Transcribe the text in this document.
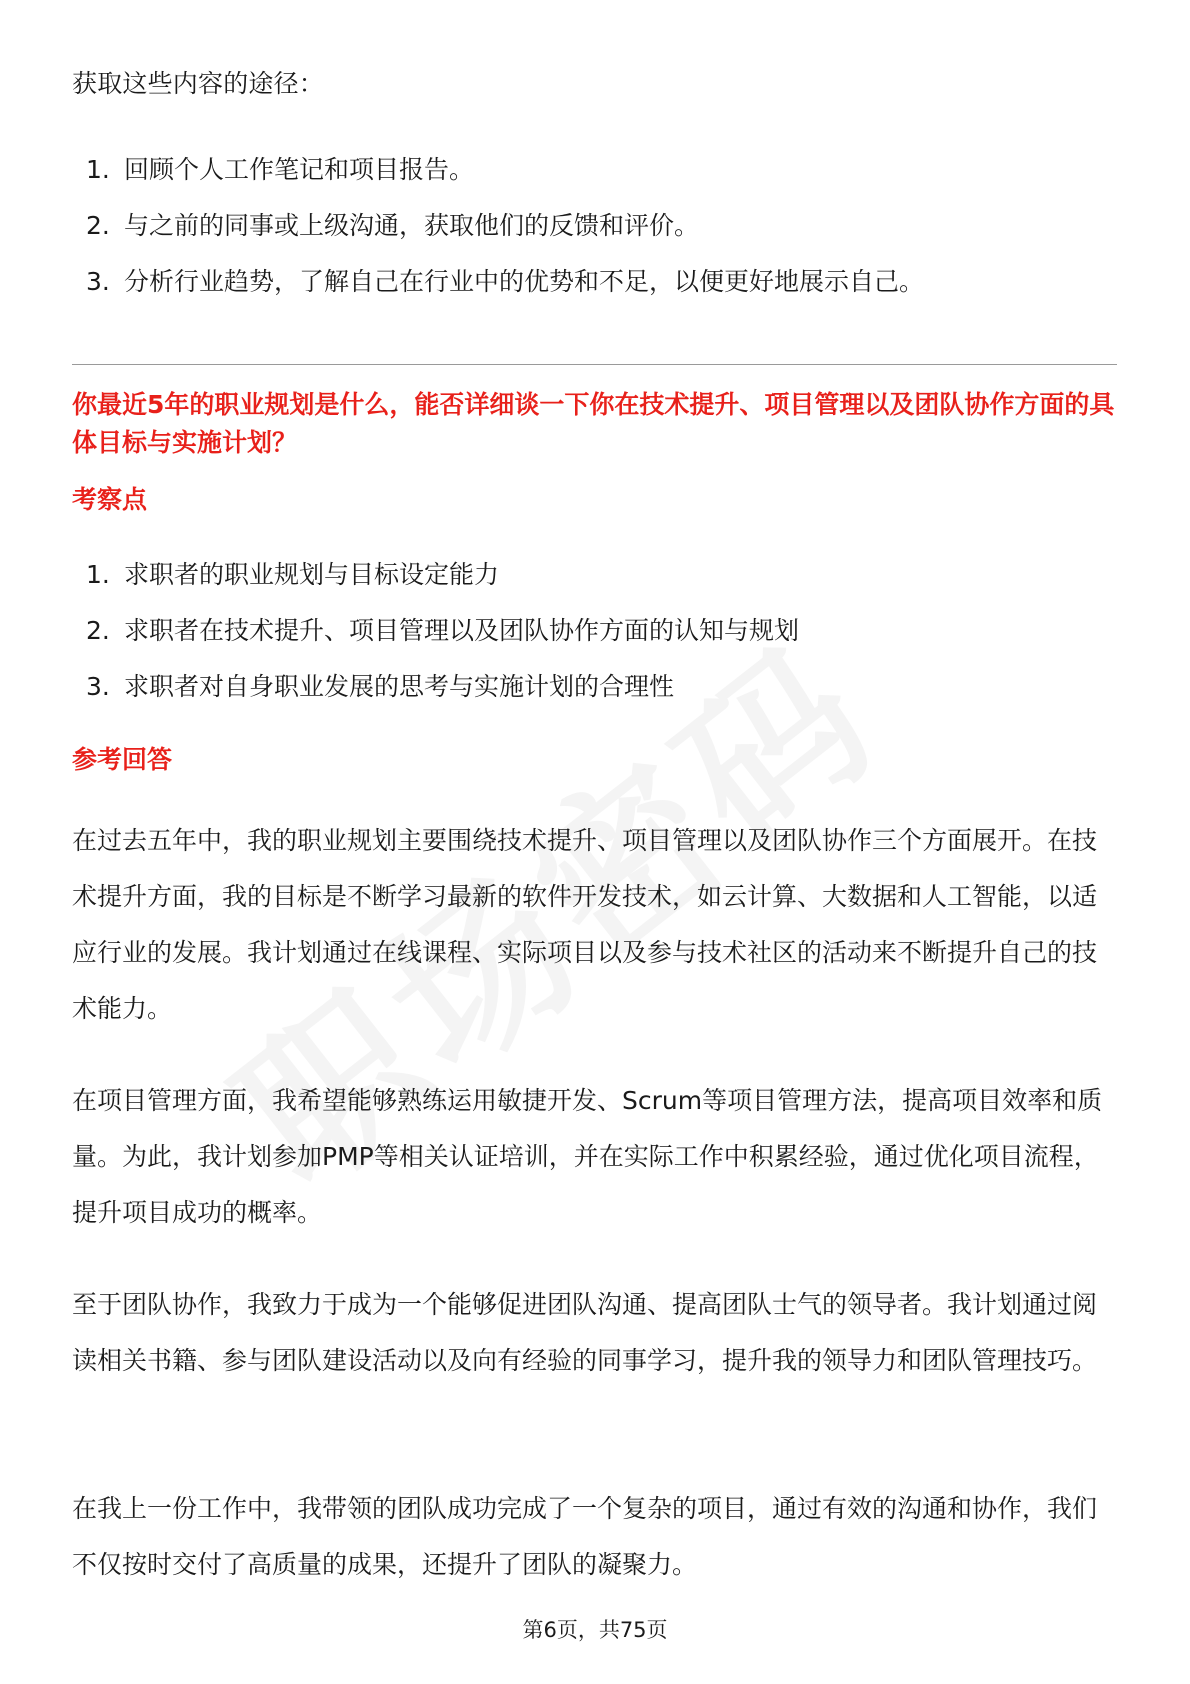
获取这些内容的途径：

1. 回顾个人工作笔记和项目报告。
2. 与之前的同事或上级沟通，获取他们的反馈和评价。
3. 分析行业趋势，了解自己在行业中的优势和不足，以便更好地展示自己。

你最近5年的职业规划是什么，能否详细谈一下你在技术提升、项目管理以及团队协作方面的具体目标与实施计划？

考察点

1. 求职者的职业规划与目标设定能力
2. 求职者在技术提升、项目管理以及团队协作方面的认知与规划
3. 求职者对自身职业发展的思考与实施计划的合理性

参考回答

在过去五年中，我的职业规划主要围绕技术提升、项目管理以及团队协作三个方面展开。在技术提升方面，我的目标是不断学习最新的软件开发技术，如云计算、大数据和人工智能，以适应行业的发展。我计划通过在线课程、实际项目以及参与技术社区的活动来不断提升自己的技术能力。

在项目管理方面，我希望能够熟练运用敏捷开发、Scrum等项目管理方法，提高项目效率和质量。为此，我计划参加PMP等相关认证培训，并在实际工作中积累经验，通过优化项目流程，提升项目成功的概率。

至于团队协作，我致力于成为一个能够促进团队沟通、提高团队士气的领导者。我计划通过阅读相关书籍、参与团队建设活动以及向有经验的同事学习，提升我的领导力和团队管理技巧。

在我上一份工作中，我带领的团队成功完成了一个复杂的项目，通过有效的沟通和协作，我们不仅按时交付了高质量的成果，还提升了团队的凝聚力。

第6页，共75页
